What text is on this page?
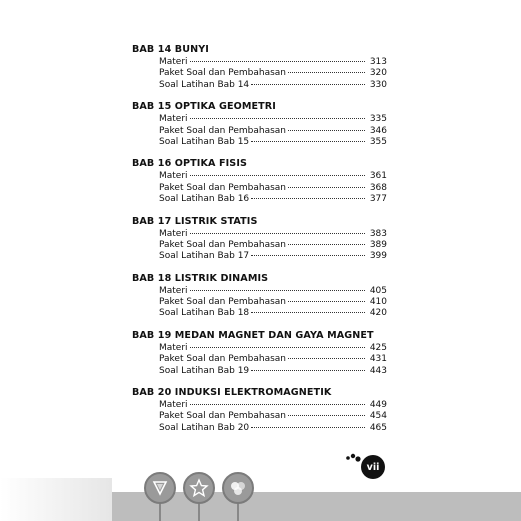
BAB 14 BUNYI
Materi	313
Paket Soal dan Pembahasan	320
Soal Latihan Bab 14	330
BAB 15 OPTIKA GEOMETRI
Materi	335
Paket Soal dan Pembahasan	346
Soal Latihan Bab 15	355
BAB 16 OPTIKA FISIS
Materi	361
Paket Soal dan Pembahasan	368
Soal Latihan Bab 16	377
BAB 17 LISTRIK STATIS
Materi	383
Paket Soal dan Pembahasan	389
Soal Latihan Bab 17	399
BAB 18 LISTRIK DINAMIS
Materi	405
Paket Soal dan Pembahasan	410
Soal Latihan Bab 18	420
BAB 19 MEDAN MAGNET DAN GAYA MAGNET
Materi	425
Paket Soal dan Pembahasan	431
Soal Latihan Bab 19	443
BAB 20 INDUKSI ELEKTROMAGNETIK
Materi	449
Paket Soal dan Pembahasan	454
Soal Latihan Bab 20	465
vii
